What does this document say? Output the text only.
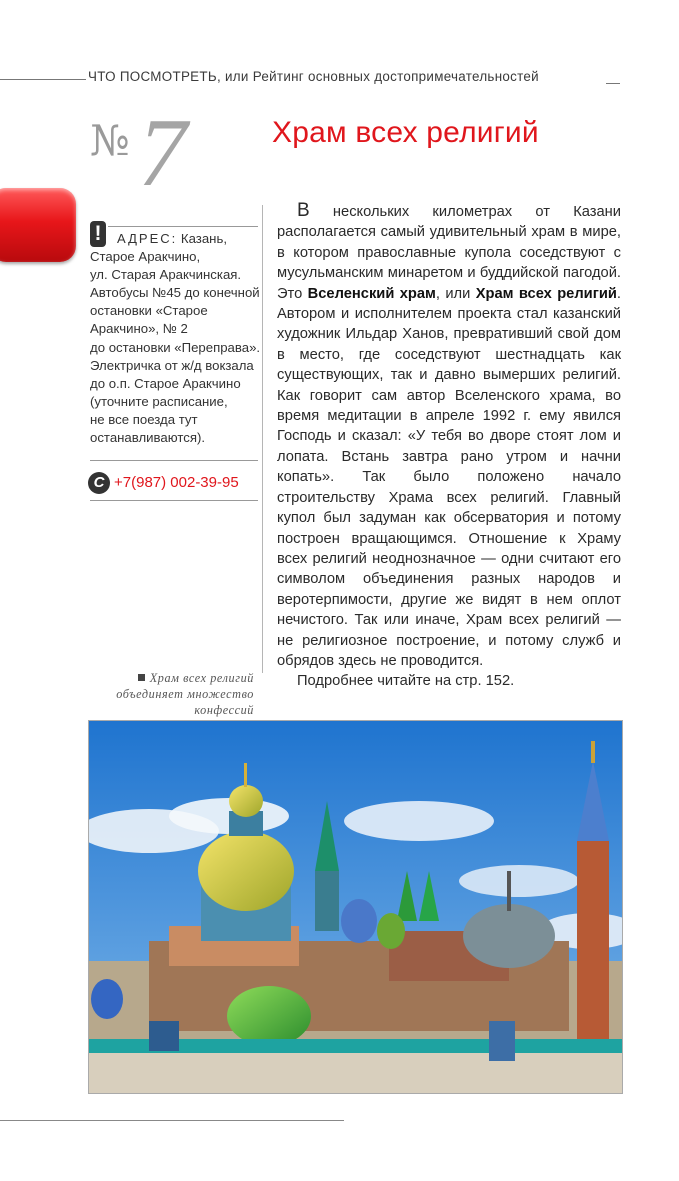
ЧТО ПОСМОТРЕТЬ, или Рейтинг основных достопримечательностей
№ 7	Храм всех религий
!	АДРЕС: Казань,
Старое Аракчино,
ул. Старая Аракчинская.
Автобусы №45 до конечной
остановки «Старое
Аракчино», № 2
до остановки «Переправа».
Электричка от ж/д вокзала
до о.п. Старое Аракчино
(уточните расписание,
не все поезда тут
останавливаются).
C +7(987) 002-39-95
Храм всех религий
объединяет множество
конфессий

В нескольких километрах от Казани располагается самый удивительный храм в мире, в котором православные купола соседствуют с мусульманским минаретом и буддийской пагодой. Это Вселенский храм, или Храм всех религий. Автором и исполнителем проекта стал казанский художник Ильдар Ханов, превративший свой дом в место, где соседствуют шестнадцать как существующих, так и давно вымерших религий. Как говорит сам автор Вселенского храма, во время медитации в апреле 1992 г. ему явился Господь и сказал: «У тебя во дворе стоят лом и лопата. Встань завтра рано утром и начни копать». Так было положено начало строительству Храма всех религий. Главный купол был задуман как обсерватория и потому построен вращающимся. Отношение к Храму всех религий неоднозначное — одни считают его символом объединения разных народов и веротерпимости, другие же видят в нем оплот нечистого. Так или иначе, Храм всех религий — не религиозное построение, и потому служб и обрядов здесь не проводится.

Подробнее читайте на стр. 152.
